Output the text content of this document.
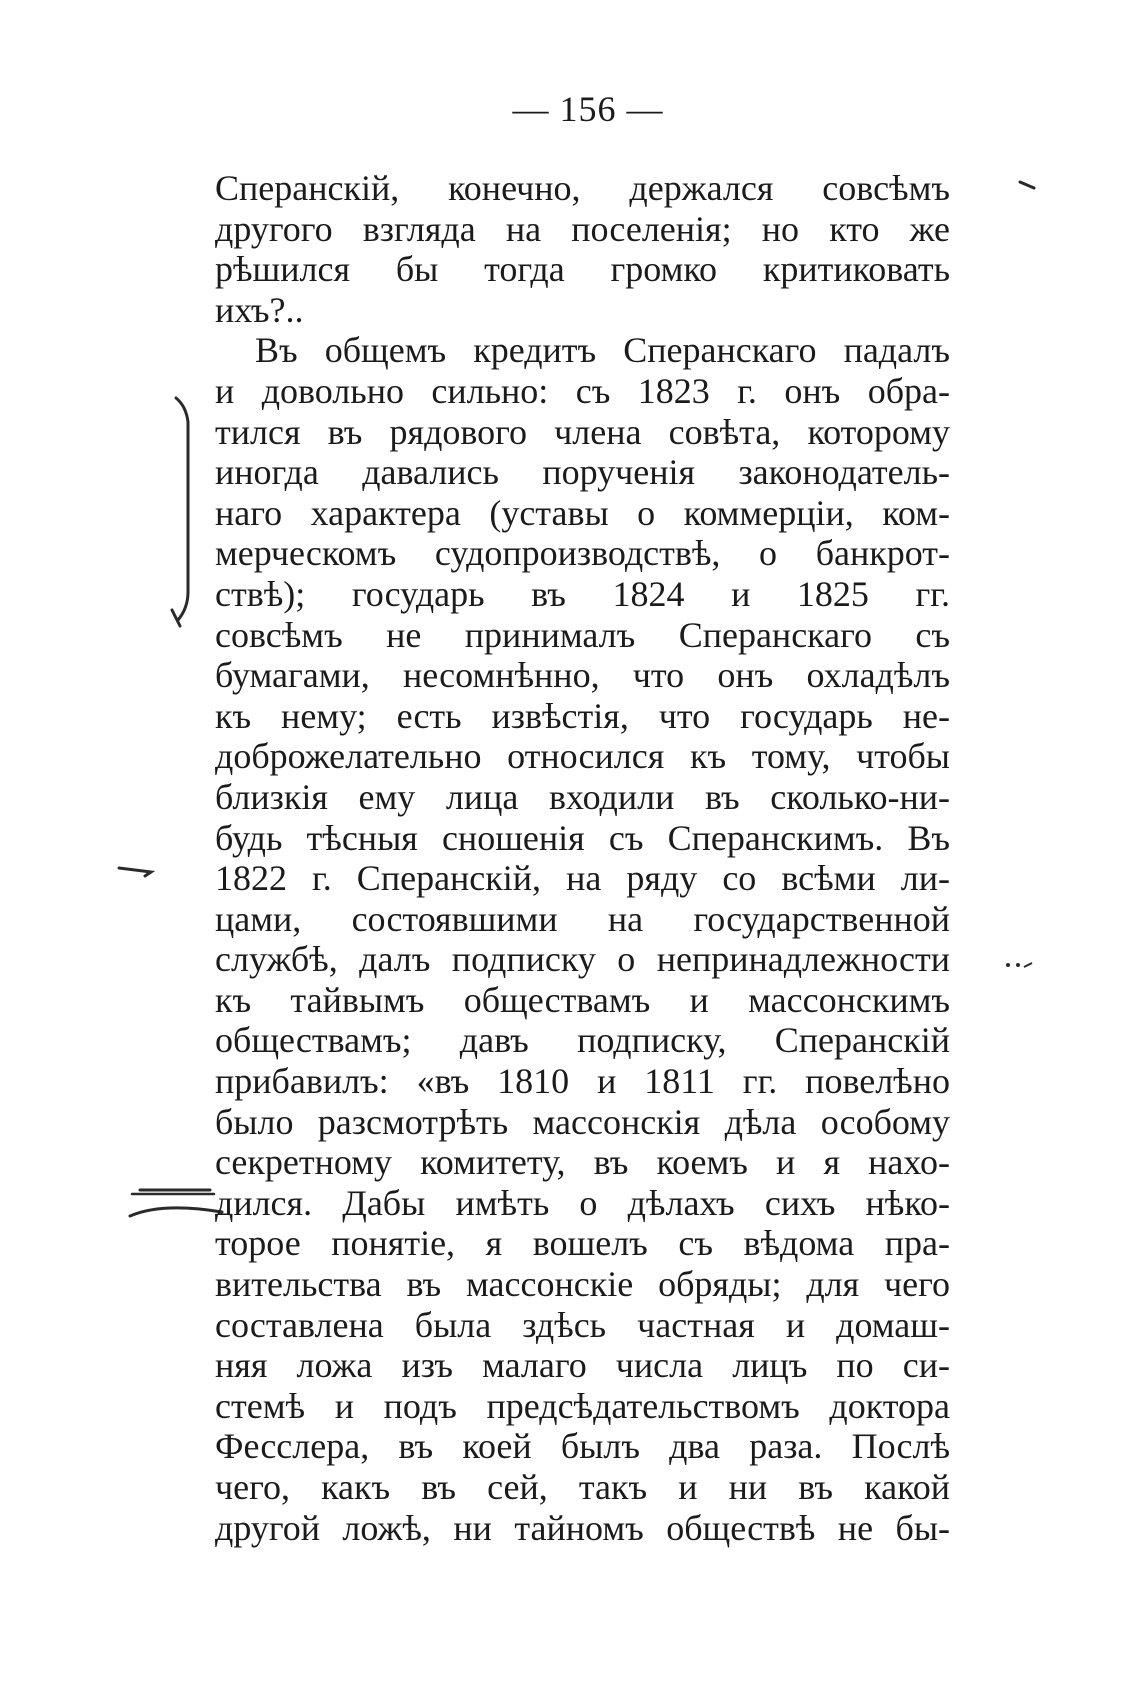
— 156 —
Сперанскій, конечно, держался совсѣмъ
другого взгляда на поселенія; но кто же
рѣшился бы тогда громко критиковать
ихъ?..
Въ общемъ кредитъ Сперанскаго падалъ
и довольно сильно: съ 1823 г. онъ обра-
тился въ рядового члена совѣта, которому
иногда давались порученія законодатель-
наго характера (уставы о коммерціи, ком-
мерческомъ судопроизводствѣ, о банкрот-
ствѣ); государь въ 1824 и 1825 гг.
совсѣмъ не принималъ Сперанскаго съ
бумагами, несомнѣнно, что онъ охладѣлъ
къ нему; есть извѣстія, что государь не-
доброжелательно относился къ тому, чтобы
близкія ему лица входили въ сколько-ни-
будь тѣсныя сношенія съ Сперанскимъ. Въ
1822 г. Сперанскій, на ряду со всѣми ли-
цами, состоявшими на государственной
службѣ, далъ подписку о непринадлежности
къ тайвымъ обществамъ и массонскимъ
обществамъ; давъ подписку, Сперанскій
прибавилъ: «въ 1810 и 1811 гг. повелѣно
было разсмотрѣть массонскія дѣла особому
секретному комитету, въ коемъ и я нахо-
дился. Дабы имѣть о дѣлахъ сихъ нѣко-
торое понятіе, я вошелъ съ вѣдома пра-
вительства въ массонскіе обряды; для чего
составлена была здѣсь частная и домаш-
няя ложа изъ малаго числа лицъ по си-
стемѣ и подъ предсѣдательствомъ доктора
Фесслера, въ коей былъ два раза. Послѣ
чего, какъ въ сей, такъ и ни въ какой
другой ложѣ, ни тайномъ обществѣ не бы-
